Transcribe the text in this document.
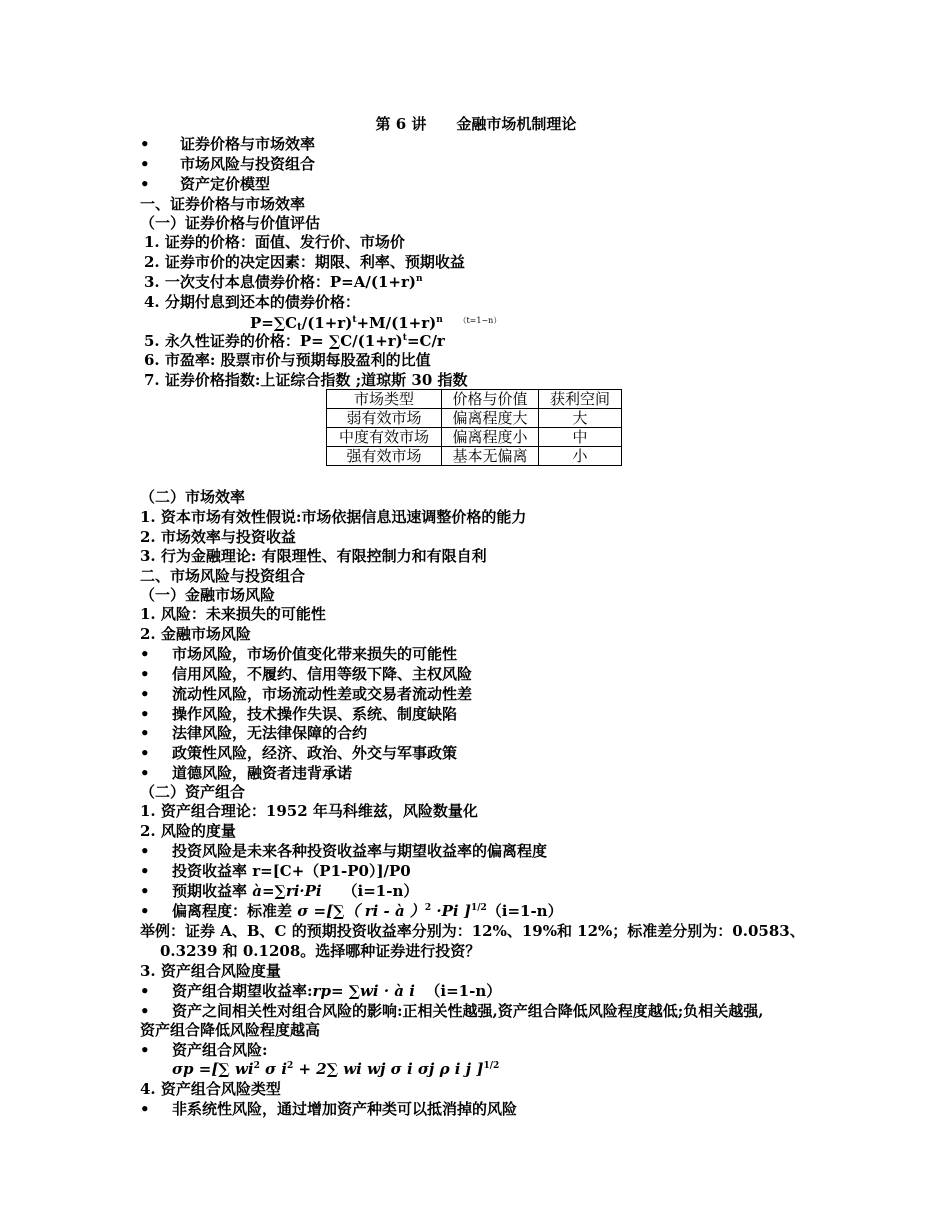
第 6 讲　　金融市场机制理论
• 证券价格与市场效率
• 市场风险与投资组合
• 资产定价模型
一、证券价格与市场效率
（一）证券价格与价值评估
1. 证券的价格：面值、发行价、市场价
2. 证券市价的决定因素：期限、利率、预期收益
3. 一次支付本息债券价格：$P=A/(1+r)^n$
4. 分期付息到还本的债券价格：
$P=\sum Ct/(1+r)^t+M/(1+r)^n$ $^{(t=1\sim n)}$
5. 永久性证券的价格：$P= \sum C/(1+r)^t=C/r$
6. 市盈率: 股票市价与预期每股盈利的比值
7. 证券价格指数:上证综合指数 ;道琼斯 30 指数
市场类型	价格与价值	获利空间
弱有效市场	偏离程度大	大
中度有效市场	偏离程度小	中
强有效市场	基本无偏离	小
（二）市场效率
1. 资本市场有效性假说:市场依据信息迅速调整价格的能力
2. 市场效率与投资收益
3. 行为金融理论: 有限理性、有限控制力和有限自利
二、市场风险与投资组合
（一）金融市场风险
1. 风险：未来损失的可能性
2. 金融市场风险
• 市场风险，市场价值变化带来损失的可能性
• 信用风险，不履约、信用等级下降、主权风险
• 流动性风险，市场流动性差或交易者流动性差
• 操作风险，技术操作失误、系统、制度缺陷
• 法律风险，无法律保障的合约
• 政策性风险，经济、政治、外交与军事政策
• 道德风险，融资者违背承诺
（二）资产组合
1. 资产组合理论：1952 年马科维兹，风险数量化
2. 风险的度量
• 投资风险是未来各种投资收益率与期望收益率的偏离程度
• 投资收益率 r=[C+（P1-P0）]/P0
• 预期收益率 à=∑ri·Pi （i=1-n）
• 偏离程度：标准差 σ =[∑（ ri - à ）$^2$ ·Pi ]$^{1/2}$（i=1-n）
举例：证券 A、B、C 的预期投资收益率分别为：12%、19%和 12%；标准差分别为：0.0583、
0.3239 和 0.1208。选择哪种证券进行投资？
3. 资产组合风险度量
• 资产组合期望收益率:rp= ∑wi · à i （i=1-n）
• 资产之间相关性对组合风险的影响:正相关性越强,资产组合降低风险程度越低;负相关越强,
资产组合降低风险程度越高
• 资产组合风险:
σp =[∑ $wi^2$ σ $i^2 + 2\sum$ wi wj σ i σj ρ i j ]$^{1/2}$
4. 资产组合风险类型
• 非系统性风险，通过增加资产种类可以抵消掉的风险
